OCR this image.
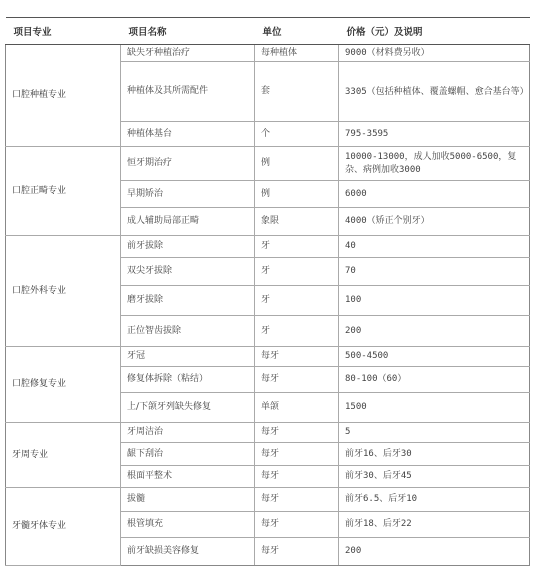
项目专业	项目名称	单位	价格（元）及说明
口腔种植专业	缺失牙种植治疗	每种植体	9000（材料费另收）
	种植体及其所需配件	套	3305（包括种植体、覆盖螺帽、愈合基台等）
	种植体基台	个	795-3595
口腔正畸专业	恒牙期治疗	例	10000-13000，成人加收5000-6500，复杂、病例加收3000
	早期矫治	例	6000
	成人辅助局部正畸	象限	4000（矫正个别牙）
口腔外科专业	前牙拔除	牙	40
	双尖牙拔除	牙	70
	磨牙拔除	牙	100
	正位智齿拔除	牙	200
口腔修复专业	牙冠	每牙	500-4500
	修复体拆除（粘结）	每牙	80-100（60）
	上/下颌牙列缺失修复	单颌	1500
牙周专业	牙周洁治	每牙	5
	龈下刮治	每牙	前牙16、后牙30
	根面平整术	每牙	前牙30、后牙45
牙髓牙体专业	拔髓	每牙	前牙6.5、后牙10
	根管填充	每牙	前牙18、后牙22
	前牙缺损美容修复	每牙	200
